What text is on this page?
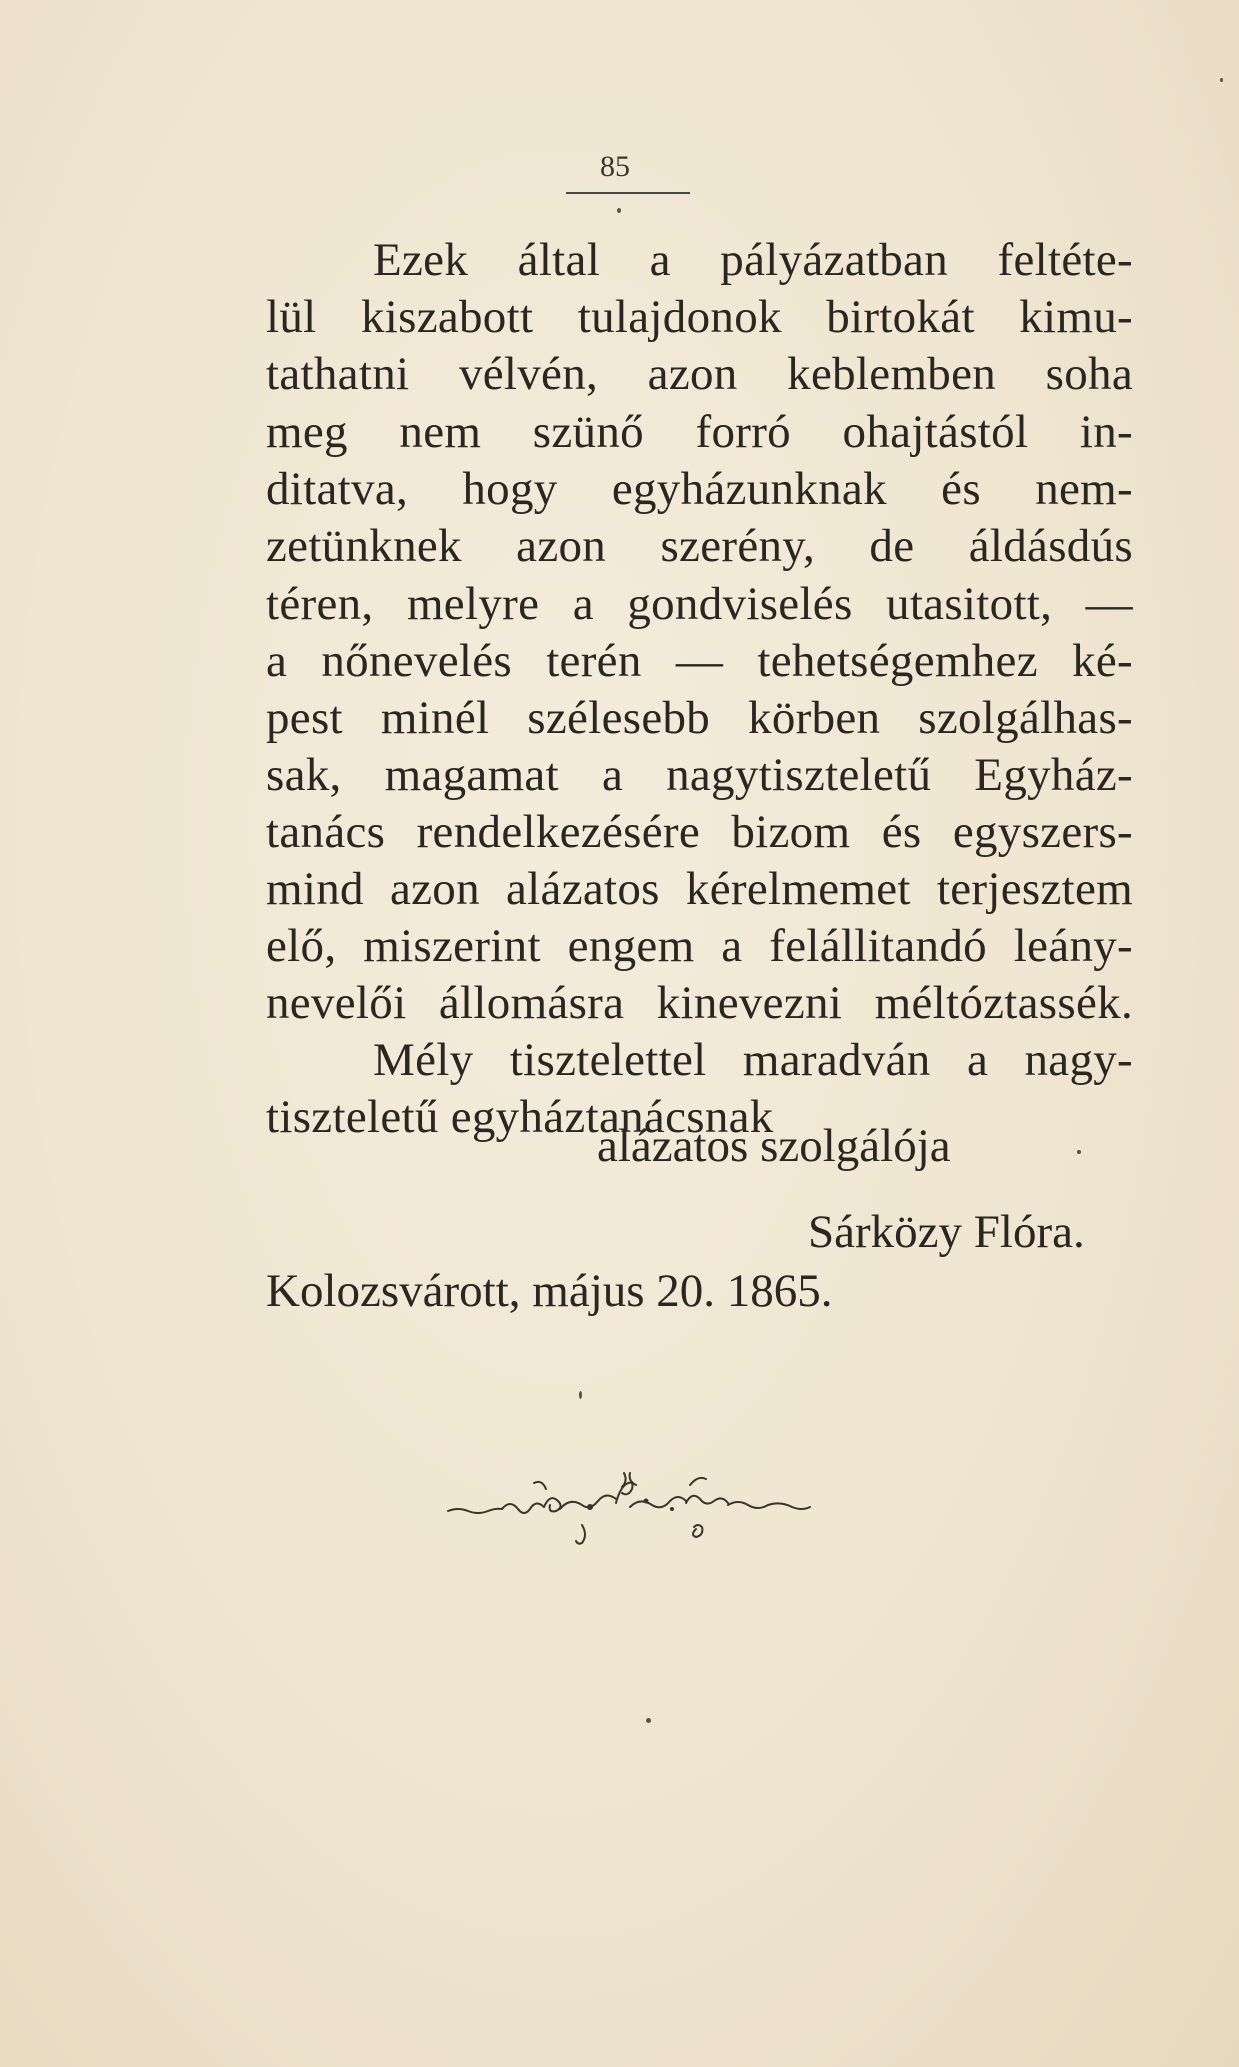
85
Ezek által a pályázatban feltéte-
lül kiszabott tulajdonok birtokát kimu-
tathatni vélvén, azon keblemben soha
meg nem szünő forró ohajtástól in-
ditatva, hogy egyházunknak és nem-
zetünknek azon szerény, de áldásdús
téren, melyre a gondviselés utasitott, —
a nőnevelés terén — tehetségemhez ké-
pest minél szélesebb körben szolgálhas-
sak, magamat a nagytiszteletű Egyház-
tanács rendelkezésére bizom és egyszers-
mind azon alázatos kérelmemet terjesztem
elő, miszerint engem a felállitandó leány-
nevelői állomásra kinevezni méltóztassék.
Mély tisztelettel maradván a nagy-
tiszteletű egyháztanácsnak
alázatos szolgálója
Sárközy Flóra.
Kolozsvárott, május 20. 1865.
